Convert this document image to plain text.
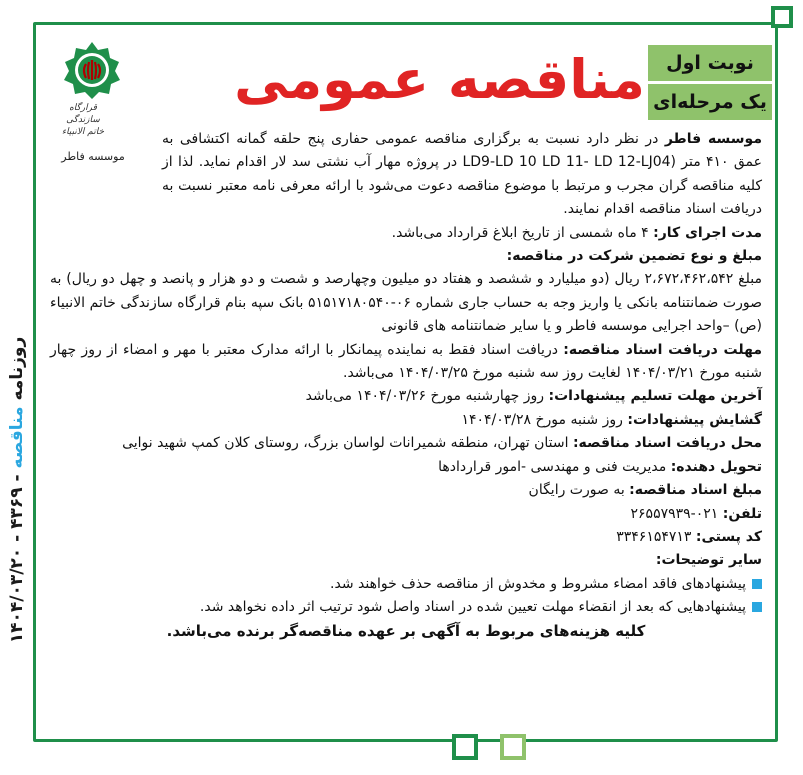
روزنامه مناقصه - ۴۳۶۹ - ۱۴۰۴/۰۳/۲۰
مناقصه عمومی	نوبت اول
یک مرحله‌ای
قرارگاه سازندگی خاتم الانبیاء
موسسه فاطر

موسسه فاطر در نظر دارد نسبت به برگزاری مناقصه عمومی حفاری پنج حلقه گمانه اکتشافی به عمق ۴۱۰ متر (LD9-LD 10 LD 11- LD 12-LJ04 در پروژه مهار آب نشتی سد لار اقدام نماید. لذا از کلیه مناقصه گران مجرب و مرتبط با موضوع مناقصه دعوت می‌شود با ارائه معرفی نامه معتبر نسبت به دریافت اسناد مناقصه اقدام نمایند.

مدت اجرای کار: ۴ ماه شمسی از تاریخ ابلاغ قرارداد می‌باشد.

مبلغ و نوع تضمین شرکت در مناقصه:

مبلغ ۲،۶۷۲،۴۶۲،۵۴۲ ریال (دو میلیارد و ششصد و هفتاد دو میلیون وچهارصد و شصت و دو هزار و پانصد و چهل دو ریال) به صورت ضمانتنامه بانکی یا واریز وجه به حساب جاری شماره ۰۶-۵۱۵۱۷۱۸۰۵۴۰ بانک سپه بنام قرارگاه سازندگی خاتم الانبیاء (ص) –واحد اجرایی موسسه فاطر و یا سایر ضمانتنامه های قانونی

مهلت دریافت اسناد مناقصه: دریافت اسناد فقط به نماینده پیمانکار با ارائه مدارک معتبر با مهر و امضاء از روز چهار شنبه مورخ ۱۴۰۴/۰۳/۲۱ لغایت روز سه شنبه مورخ ۱۴۰۴/۰۳/۲۵ می‌باشد.

آخرین مهلت تسلیم پیشنهادات: روز چهارشنبه مورخ ۱۴۰۴/۰۳/۲۶ می‌باشد

گشایش پیشنهادات: روز شنبه مورخ ۱۴۰۴/۰۳/۲۸

محل دریافت اسناد مناقصه: استان تهران، منطقه شمیرانات لواسان بزرگ، روستای کلان کمپ شهید نوایی

تحویل دهنده: مدیریت فنی و مهندسی -امور قراردادها

مبلغ اسناد مناقصه: به صورت رایگان

تلفن: ۰۲۱-۲۶۵۵۷۹۳۹

کد پستی: ۳۳۴۶۱۵۴۷۱۳

سایر توضیحات:

پیشنهادهای فاقد امضاء مشروط و مخدوش از مناقصه حذف خواهند شد.

پیشنهادهایی که بعد از انقضاء مهلت تعیین شده در اسناد واصل شود ترتیب اثر داده نخواهد شد.

کلیه هزینه‌های مربوط به آگهی بر عهده مناقصه‌گر برنده می‌باشد.
